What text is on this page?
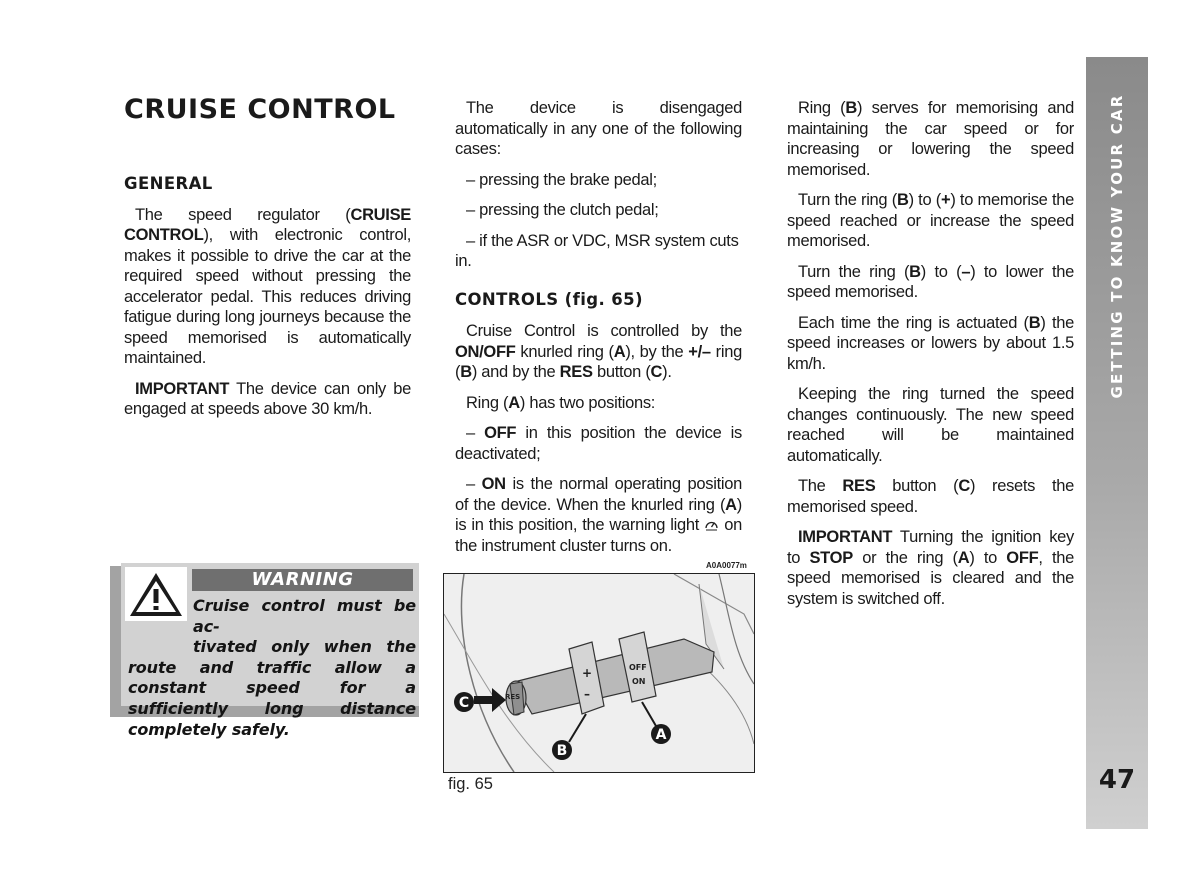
CRUISE CONTROL
GENERAL

The speed regulator (CRUISE CONTROL), with electronic control, makes it possible to drive the car at the required speed without pressing the accelerator pedal. This reduces driving fatigue during long journeys because the speed memorised is automatically maintained.

IMPORTANT The device can only be engaged at speeds above 30 km/h.

The device is disengaged automatically in any one of the following cases:

– pressing the brake pedal;

– pressing the clutch pedal;

– if the ASR or VDC, MSR system cuts in.

CONTROLS (fig. 65)

Cruise Control is controlled by the ON/OFF knurled ring (A), by the +/– ring (B) and by the RES button (C).

Ring (A) has two positions:

– OFF in this position the device is deactivated;

– ON is the normal operating position of the device. When the knurled ring (A) is in this position, the warning light  on the instrument cluster turns on.

Ring (B) serves for memorising and maintaining the car speed or for increasing or lowering the speed memorised.

Turn the ring (B) to (+) to memorise the speed reached or increase the speed memorised.

Turn the ring (B) to (–) to lower the speed memorised.

Each time the ring is actuated (B) the speed increases or lowers by about 1.5 km/h.

Keeping the ring turned the speed changes continuously. The new speed reached will be maintained automatically.

The RES button (C) resets the memorised speed.

IMPORTANT Turning the ignition key to STOP or the ring (A) to OFF, the speed memorised is cleared and the system is switched off.

WARNING
Cruise control must be ac-
tivated only when the
route and traffic allow a constant speed for a sufficiently long distance completely safely.
A0A0077m
+
–
OFF
ON
RES
C
B
A
fig. 65
GETTING TO KNOW YOUR CAR
47
